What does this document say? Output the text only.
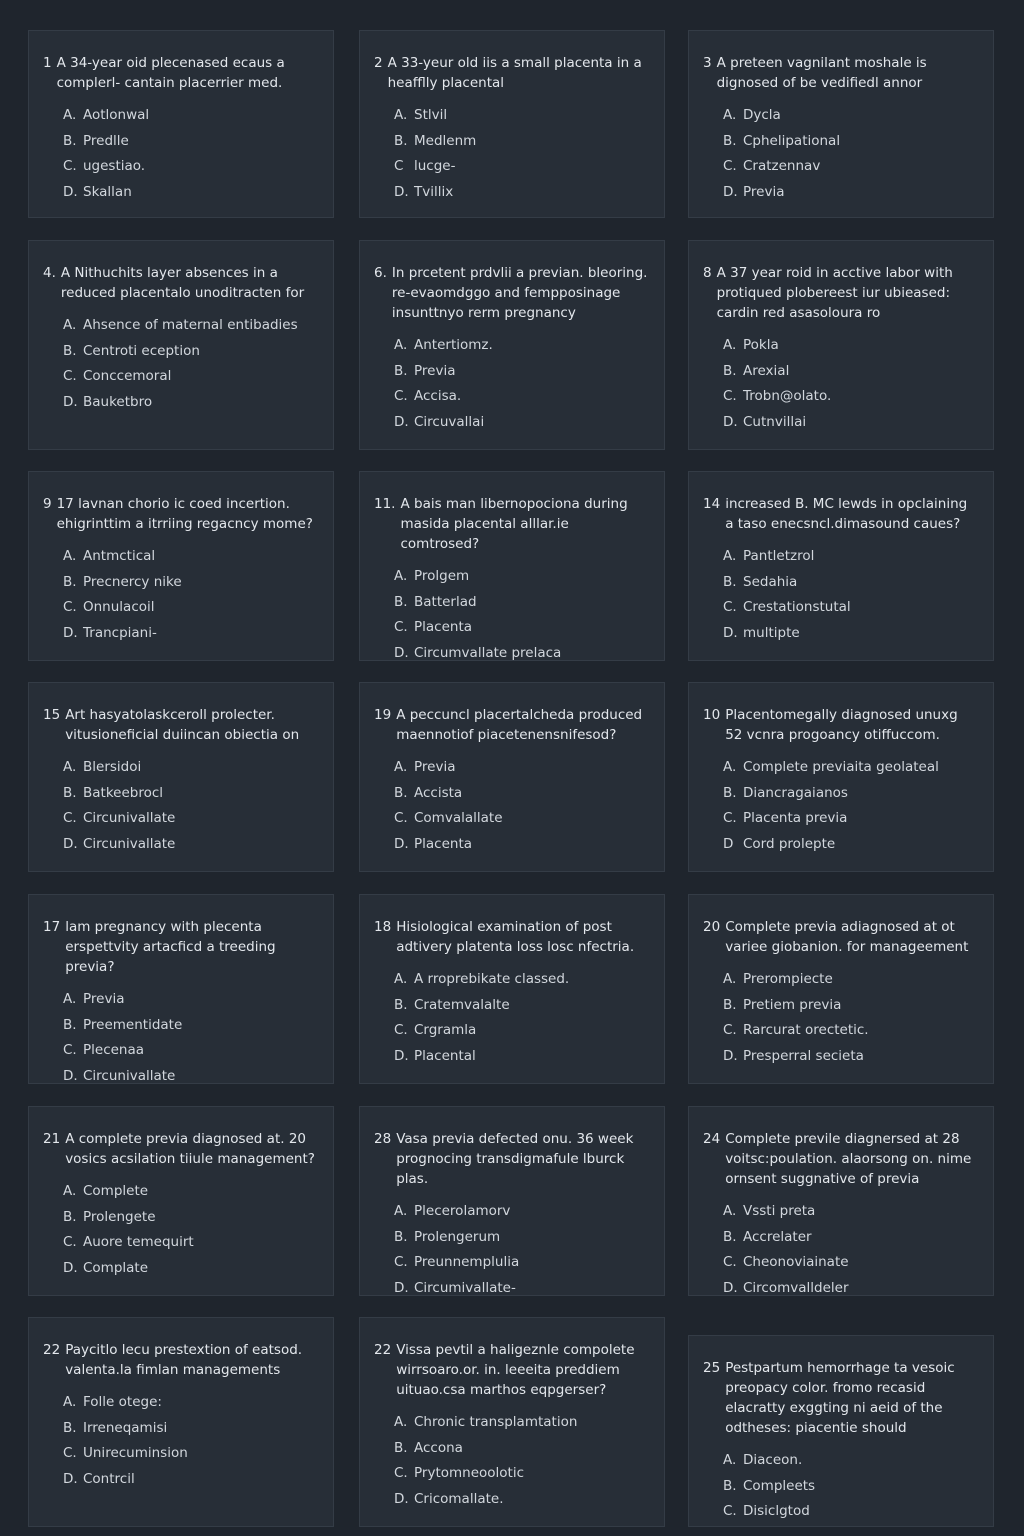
1 A 34-year oid plecenased ecaus a complerl- cantain placerrier med.
A. Aotlonwal
B. Predlle
C. ugestiao.
D. Skallan
2 A 33-yeur old iis a small placenta in a heafflly placental
A. Stlvil
B. Medlenm
C lucge-
D. Tvillix
3 A preteen vagnilant moshale is dignosed of be vedifiedl annor
A. Dycla
B. Cphelipational
C. Cratzennav
D. Previa
4. A Nithuchits layer absences in a reduced placentalo unoditracten for
A. Ahsence of maternal entibadies
B. Centroti eception
C. Conccemoral
D. Bauketbro
6. In prcetent prdvlii a previan. bleoring. re-evaomdggo and fempposinage insunttnyo rerm pregnancy
A. Antertiomz.
B. Previa
C. Accisa.
D. Circuvallai
8 A 37 year roid in acctive labor with protiqued plobereest iur ubieased: cardin red asasoloura ro
A. Pokla
B. Arexial
C. Trobn@olato.
D. Cutnvillai
9 17 lavnan chorio ic coed incertion. ehigrinttim a itrriing regacncy mome?
A. Antmctical
B. Precnercy nike
C. Onnulacoil
D. Trancpiani-
11. A bais man libernopociona during masida placental alllar.ie comtrosed?
A. Prolgem
B. Batterlad
C. Placenta
D. Circumvallate prelaca
14 increased B. MC lewds in opclaining a taso enecsncl.dimasound caues?
A. Pantletzrol
B. Sedahia
C. Crestationstutal
D. multipte
15 Art hasyatolaskceroll prolecter. vitusioneficial duiincan obiectia on
A. Blersidoi
B. Batkeebrocl
C. Circunivallate
D. Circunivallate
19 A peccuncl placertalcheda produced maennotiof piacetenensnifesod?
A. Previa
B. Accista
C. Comvalallate
D. Placenta
10 Placentomegally diagnosed unuxg 52 vcnra progoancy otiffuccom.
A. Complete previaita geolateal
B. Diancragaianos
C. Placenta previa
D Cord prolepte
17 lam pregnancy with plecenta erspettvity artacficd a treeding previa?
A. Previa
B. Preementidate
C. Plecenaa
D. Circunivallate
18 Hisiological examination of post adtivery platenta loss losc nfectria.
A. A rroprebikate classed.
B. Cratemvalalte
C. Crgramla
D. Placental
20 Complete previa adiagnosed at ot variee giobanion. for manageement
A. Prerompiecte
B. Pretiem previa
C. Rarcurat orectetic.
D. Presperral secieta
21 A complete previa diagnosed at. 20 vosics acsilation tiiule management?
A. Complete
B. Prolengete
C. Auore temequirt
D. Complate
28 Vasa previa defected onu. 36 week prognocing transdigmafule lburck plas.
A. Plecerolamorv
B. Prolengerum
C. Preunnemplulia
D. Circumivallate-
24 Complete previle diagnersed at 28 voitsc:poulation. alaorsong on. nime ornsent suggnative of previa
A. Vssti preta
B. Accrelater
C. Cheonoviainate
D. Circomvalldeler
22 Paycitlo lecu prestextion of eatsod. valenta.la fimlan managements
A. Folle otege:
B. Irreneqamisi
C. Unirecuminsion
D. Contrcil
22 Vissa pevtil a haligeznle compolete wirrsoaro.or. in. leeeita preddiem uituao.csa marthos eqpgerser?
A. Chronic transplamtation
B. Accona
C. Prytomneoolotic
D. Cricomallate.
25 Pestpartum hemorrhage ta vesoic preopacy color. fromo recasid elacratty exggting ni aeid of the odtheses: piacentie should
A. Diaceon.
B. Compleets
C. Disiclgtod
